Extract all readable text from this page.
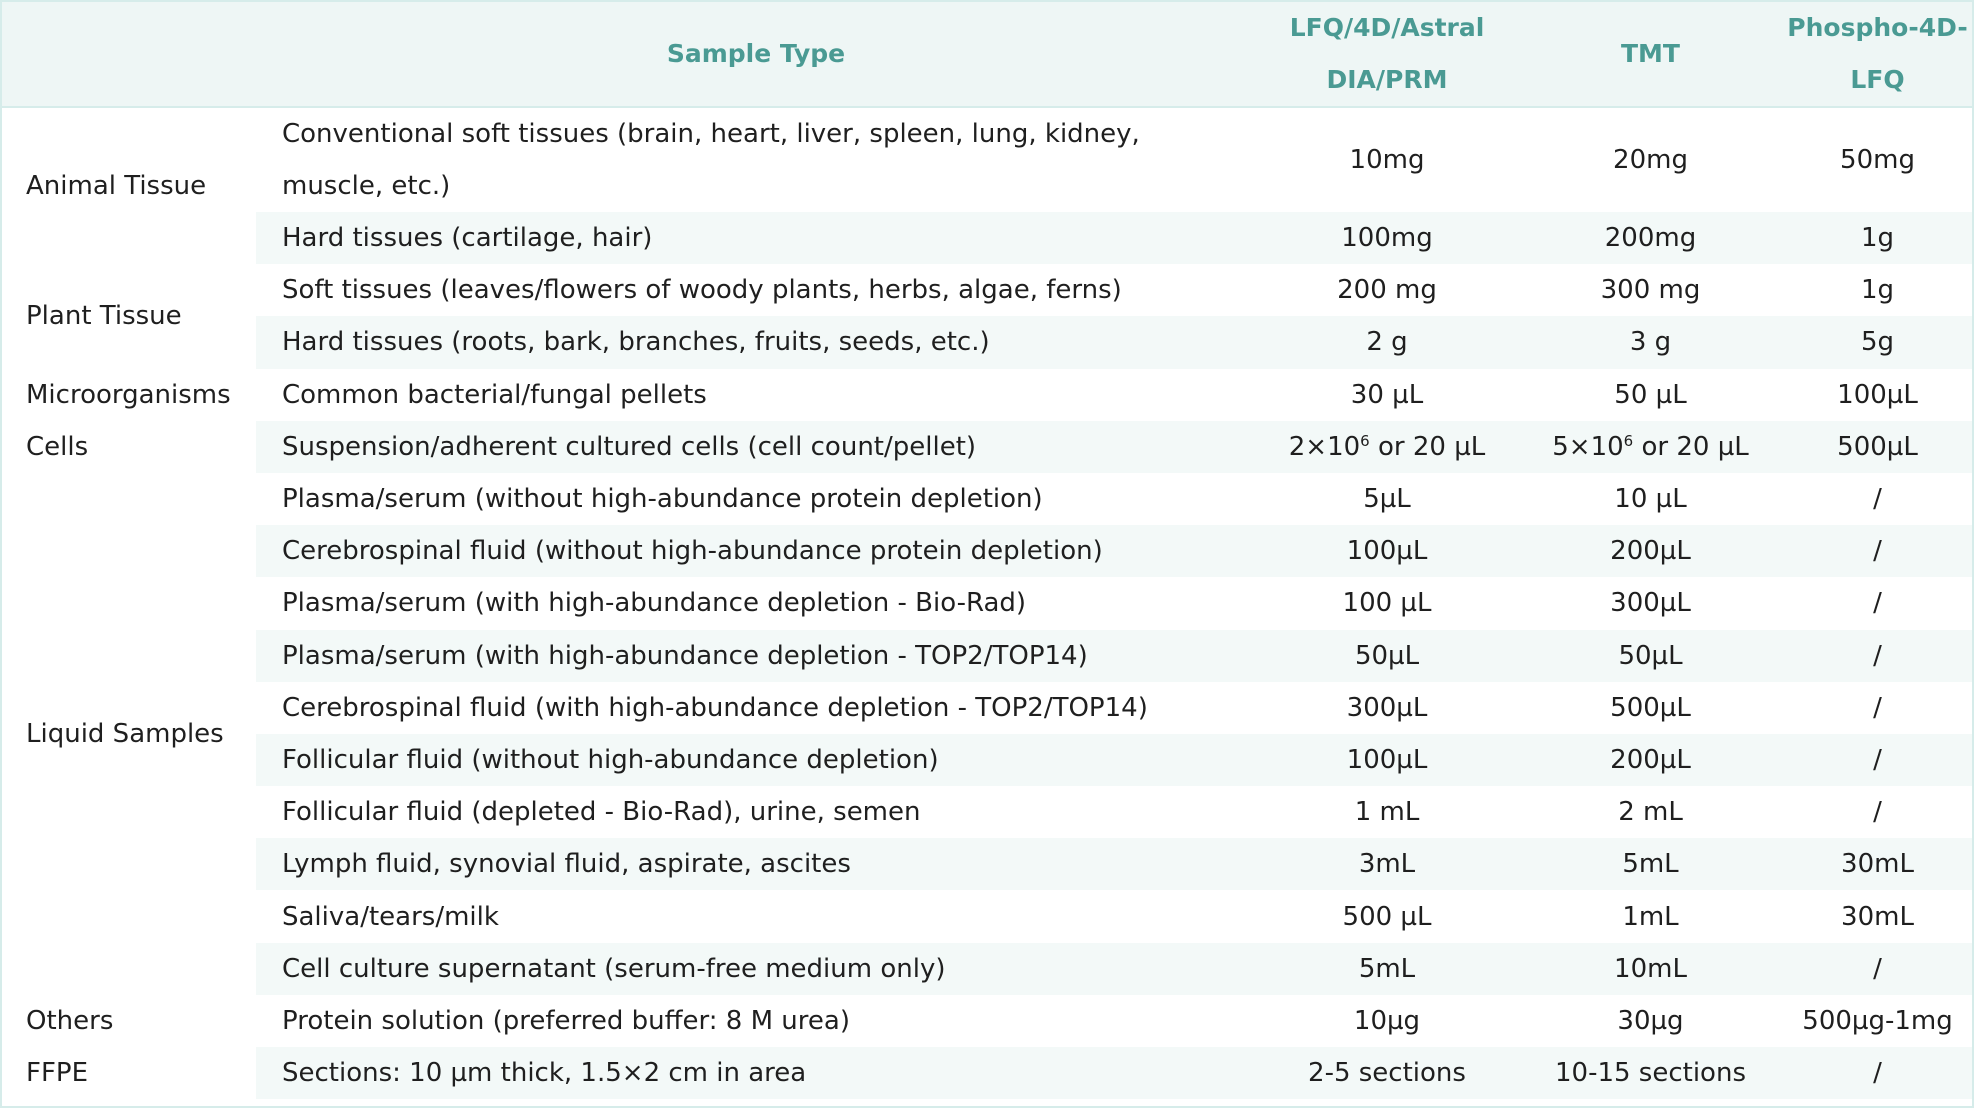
	Sample Type	LFQ/4D/Astral DIA/PRM	TMT	Phospho-4D-LFQ
Animal Tissue	Conventional soft tissues (brain, heart, liver, spleen, lung, kidney, muscle, etc.)	10mg	20mg	50mg
	Hard tissues (cartilage, hair)	100mg	200mg	1g
Plant Tissue	Soft tissues (leaves/flowers of woody plants, herbs, algae, ferns)	200 mg	300 mg	1g
	Hard tissues (roots, bark, branches, fruits, seeds, etc.)	2 g	3 g	5g
Microorganisms	Common bacterial/fungal pellets	30 µL	50 µL	100µL
Cells	Suspension/adherent cultured cells (cell count/pellet)	$2\times 10^6$ or 20 µL	$5\times 10^6$ or 20 µL	500µL
Liquid Samples	Plasma/serum (without high-abundance protein depletion)	5µL	10 µL	/
	Cerebrospinal fluid (without high-abundance protein depletion)	100µL	200µL	/
	Plasma/serum (with high-abundance depletion - Bio-Rad)	100 µL	300µL	/
	Plasma/serum (with high-abundance depletion - TOP2/TOP14)	50µL	50µL	/
	Cerebrospinal fluid (with high-abundance depletion - TOP2/TOP14)	300µL	500µL	/
	Follicular fluid (without high-abundance depletion)	100µL	200µL	/
	Follicular fluid (depleted - Bio-Rad), urine, semen	1 mL	2 mL	/
	Lymph fluid, synovial fluid, aspirate, ascites	3mL	5mL	30mL
	Saliva/tears/milk	500 µL	1mL	30mL
	Cell culture supernatant (serum-free medium only)	5mL	10mL	/
Others	Protein solution (preferred buffer: 8 M urea)	10µg	30µg	500µg-1mg
FFPE	Sections: 10 µm thick, 1.5×2 cm in area	2-5 sections	10-15 sections	/
